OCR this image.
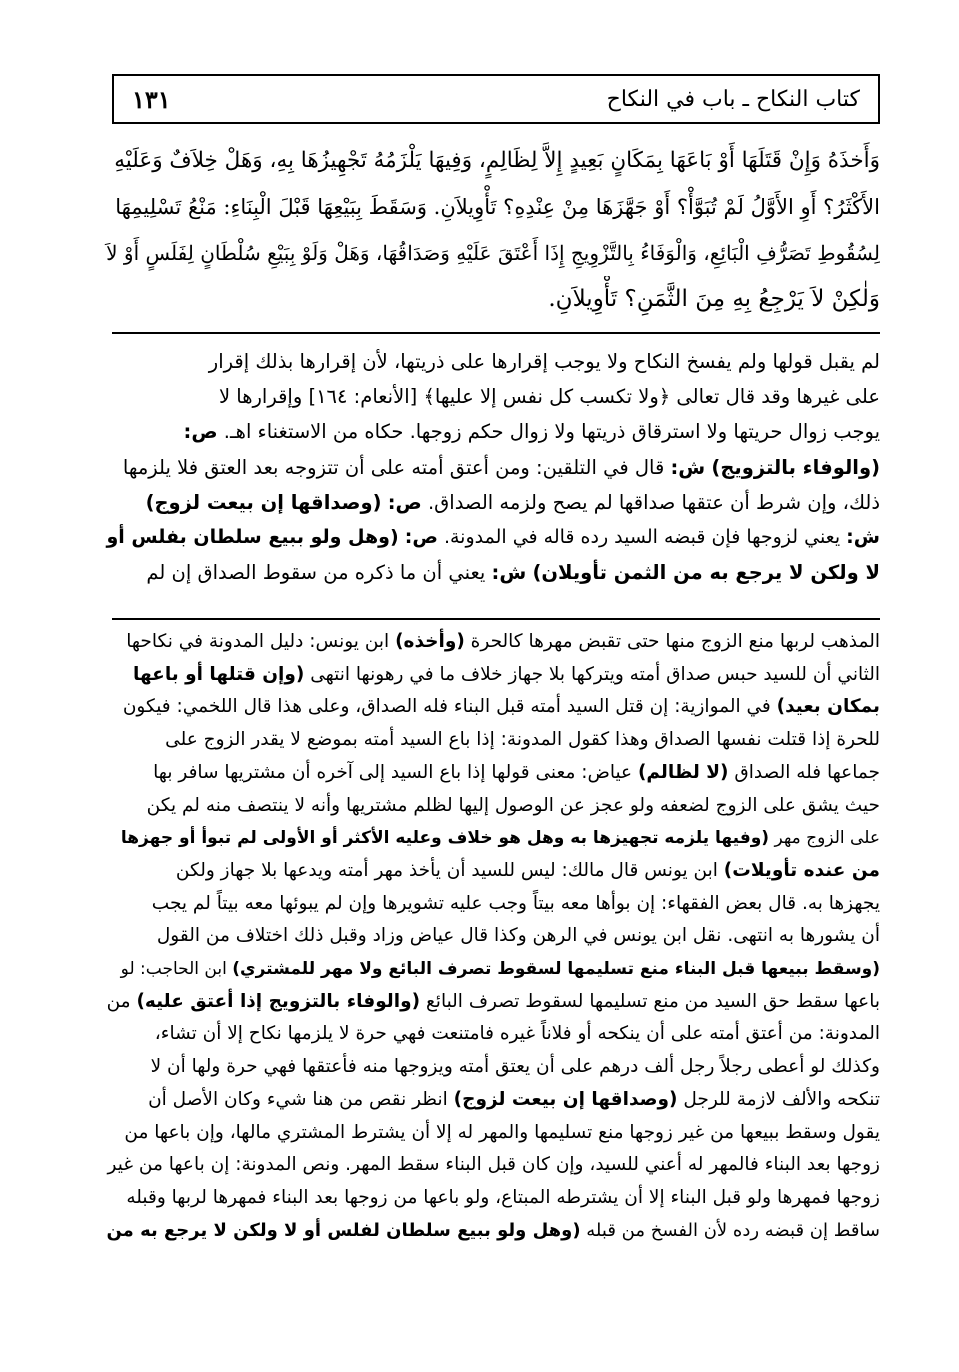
١٣١	كتاب النكاح ـ باب في النكاح
وَأَخذَهُ وَإِنْ قَتَلَهَا أَوْ بَاعَهَا بِمَكَانٍ بَعِيدٍ إِلاَّ لِظَالِمٍ، وَفِيهَا يَلْزَمُهُ تَجْهِيزُهَا بِهِ، وَهَلْ خِلاَفٌ وَعَلَيْهِ
الأَكْثَرُ؟ أَوِ الأَوَّلُ لَمْ تُبَوَّأْ؟ أَوْ جَهَّزَهَا مِنْ عِنْدِهِ؟ تَأْوِيلاَنِ. وَسَقَطَ بِبَيْعِهَا قَبْلَ الْبِنَاءِ: مَنْعُ تَسْلِيمِهَا
لِسُقُوطِ تَصَرُّفِ الْبَائِعِ، وَالْوَفَاءُ بِالتَّزْوِيجِ إِذَا أَعْتَقَ عَلَيْهِ وَصَدَاقُهَا، وَهَلْ وَلَوْ بِبَيْعِ سُلْطَانٍ لِفَلَسٍ أَوْ لاَ
وَلٰكِنْ لاَ يَرْجِعُ بِهِ مِنَ الثَّمَنِ؟ تَأْوِيلاَنِ.
لم يقبل قولها ولم يفسخ النكاح ولا يوجب إقرارها على ذريتها، لأن إقرارها بذلك إقرار
على غيرها وقد قال تعالى ﴿ولا تكسب كل نفس إلا عليها﴾ [الأنعام: ١٦٤] وإقرارها لا
يوجب زوال حريتها ولا استرقاق ذريتها ولا زوال حكم زوجها. حكاه من الاستغناء اهـ. ص:
(والوفاء بالتزويج) ش: قال في التلقين: ومن أعتق أمته على أن تتزوجه بعد العتق فلا يلزمها
ذلك، وإن شرط أن عتقها صداقها لم يصح ولزمه الصداق. ص: (وصداقها إن بيعت لزوج)
ش: يعني لزوجها فإن قبضه السيد رده قاله في المدونة. ص: (وهل ولو ببيع سلطان بفلس أو
لا ولكن لا يرجع به من الثمن تأويلان) ش: يعني أن ما ذكره من سقوط الصداق إن لم
المذهب لربها منع الزوج منها حتى تقبض مهرها كالحرة (وأخذه) ابن يونس: دليل المدونة في نكاحها
الثاني أن للسيد حبس صداق أمته ويتركها بلا جهاز خلاف ما في رهونها انتهى (وإن قتلها أو باعها
بمكان بعيد) في الموازية: إن قتل السيد أمته قبل البناء فله الصداق، وعلى هذا قال اللخمي: فيكون
للحرة إذا قتلت نفسها الصداق وهذا كقول المدونة: إذا باع السيد أمته بموضع لا يقدر الزوج على
جماعها فله الصداق (لا لظالم) عياض: معنى قولها إذا باع السيد إلى آخره أن مشتريها سافر بها
حيث يشق على الزوج لضعفه ولو عجز عن الوصول إليها لظلم مشتريها وأنه لا ينتصف منه لم يكن
على الزوج مهر (وفيها يلزمه تجهيزها به وهل هو خلاف وعليه الأكثر أو الأولى لم تبوأ أو جهزها
من عنده تأويلات) ابن يونس قال مالك: ليس للسيد أن يأخذ مهر أمته ويدعها بلا جهاز ولكن
يجهزها به. قال بعض الفقهاء: إن بوأها معه بيتاً وجب عليه تشويرها وإن لم يبوئها معه بيتاً لم يجب
أن يشورها به انتهى. نقل ابن يونس في الرهن وكذا قال عياض وزاد وقبل ذلك اختلاف من القول
(وسقط ببيعها قبل البناء منع تسليمها لسقوط تصرف البائع ولا مهر للمشتري) ابن الحاجب: لو
باعها سقط حق السيد من منع تسليمها لسقوط تصرف البائع (والوفاء بالتزويج إذا أعتق عليه) من
المدونة: من أعتق أمته على أن ينكحه أو فلاناً غيره فامتنعت فهي حرة لا يلزمها نكاح إلا أن تشاء،
وكذلك لو أعطى رجلاً رجل ألف درهم على أن يعتق أمته ويزوجها منه فأعتقها فهي حرة ولها أن لا
تنكحه والألف لازمة للرجل (وصداقها إن بيعت لزوج) انظر نقص من هنا شيء وكان الأصل أن
يقول وسقط ببيعها من غير زوجها منع تسليمها والمهر له إلا أن يشترط المشتري مالها، وإن باعها من
زوجها بعد البناء فالمهر له أعني للسيد، وإن كان قبل البناء سقط المهر. ونص المدونة: إن باعها من غير
زوجها فمهرها ولو قبل البناء إلا أن يشترطه المبتاع، ولو باعها من زوجها بعد البناء فمهرها لربها وقبله
ساقط إن قبضه رده لأن الفسخ من قبله (وهل ولو ببيع سلطان لفلس أو لا ولكن لا يرجع به من
